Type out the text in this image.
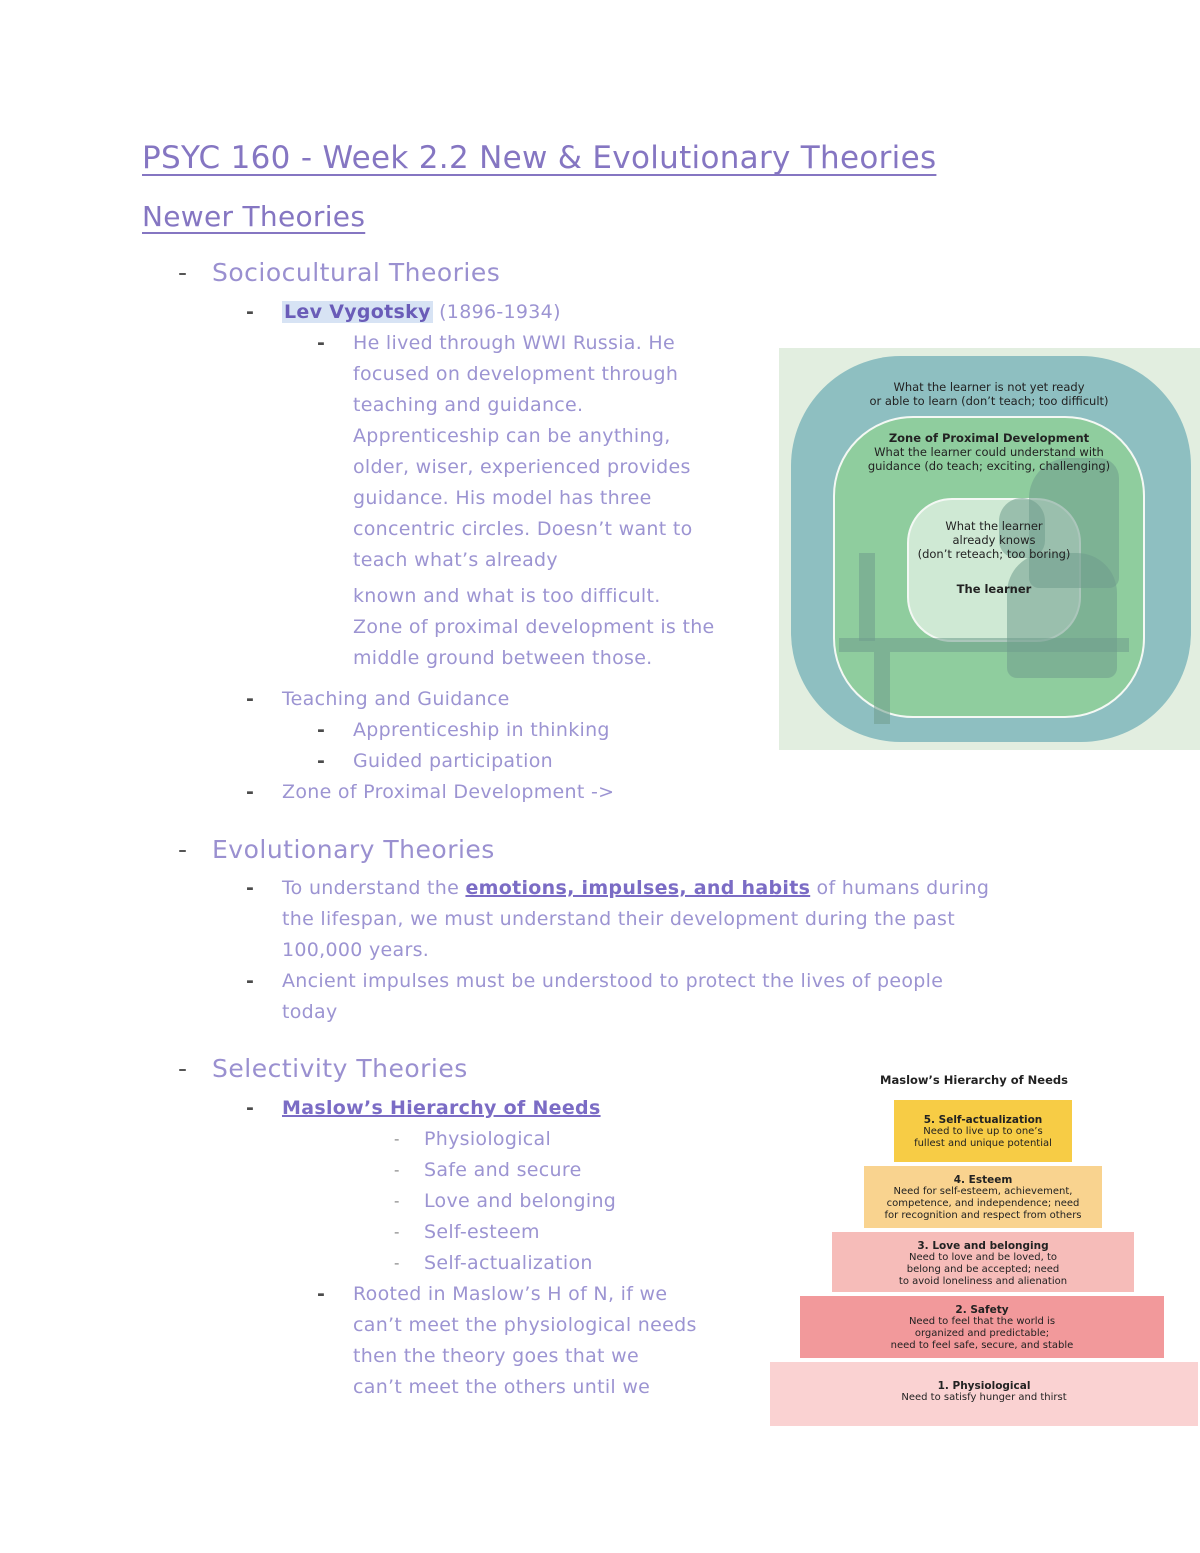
PSYC 160 - Week 2.2 New & Evolutionary Theories
Newer Theories
- Sociocultural Theories
- Lev Vygotsky (1896-1934)
- He lived through WWI Russia. He
focused on development through
teaching and guidance.
Apprenticeship can be anything,
older, wiser, experienced provides
guidance. His model has three
concentric circles. Doesn’t want to
teach what’s already
known and what is too difficult.
Zone of proximal development is the
middle ground between those.
- Teaching and Guidance
- Apprenticeship in thinking
- Guided participation
- Zone of Proximal Development ->
What the learner is not yet ready
or able to learn (don’t teach; too difficult)
Zone of Proximal Development
What the learner could understand with
guidance (do teach; exciting, challenging)
What the learner
already knows
(don’t reteach; too boring)
The learner
- Evolutionary Theories
- To understand the emotions, impulses, and habits of humans during
the lifespan, we must understand their development during the past
100,000 years.
- Ancient impulses must be understood to protect the lives of people
today
- Selectivity Theories
- Maslow’s Hierarchy of Needs
- Physiological
- Safe and secure
- Love and belonging
- Self-esteem
- Self-actualization
- Rooted in Maslow’s H of N, if we
can’t meet the physiological needs
then the theory goes that we
can’t meet the others until we
Maslow’s Hierarchy of Needs
5. Self-actualization
Need to live up to one’s
fullest and unique potential
4. Esteem
Need for self-esteem, achievement,
competence, and independence; need
for recognition and respect from others
3. Love and belonging
Need to love and be loved, to
belong and be accepted; need
to avoid loneliness and alienation
2. Safety
Need to feel that the world is
organized and predictable;
need to feel safe, secure, and stable
1. Physiological
Need to satisfy hunger and thirst
